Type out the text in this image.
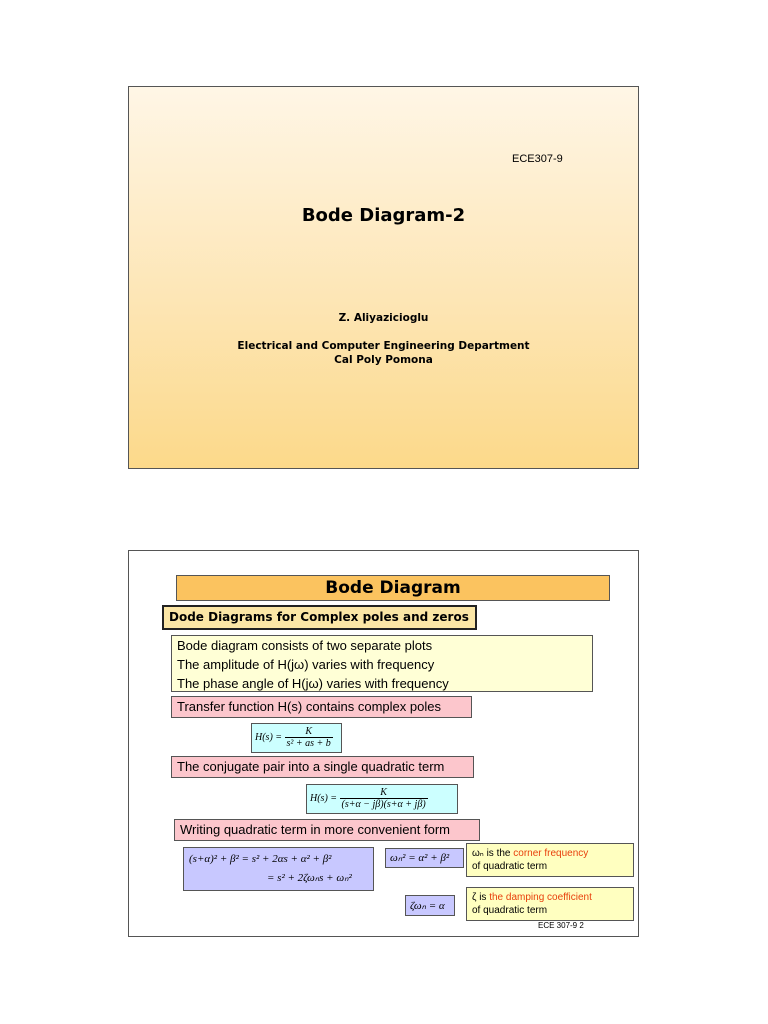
ECE307-9
Bode Diagram-2
Z. Aliyazicioglu
Electrical and Computer Engineering Department
Cal Poly Pomona
Bode Diagram
Dode Diagrams for Complex poles and zeros
Bode diagram consists of two separate plots
The amplitude of H(jω) varies with frequency
The phase angle of H(jω) varies with frequency
Transfer function H(s) contains complex poles
$H(s) = \frac{K}{\text{s² + as + b}}$
The conjugate pair into a single quadratic term
$H(s) = \frac{K}{(s+\alpha - j\beta)(s+\alpha + j\beta)}$
Writing quadratic term in more convenient form
(s+α)² + β² = s² + 2αs + α² + β²
= s² + 2ζωₙs + ωₙ²
ωₙ² = α² + β²	ωₙ is the corner frequency
of quadratic term
ζωₙ = α
ζ is the damping coefficient
of quadratic term
ECE 307-9 2
